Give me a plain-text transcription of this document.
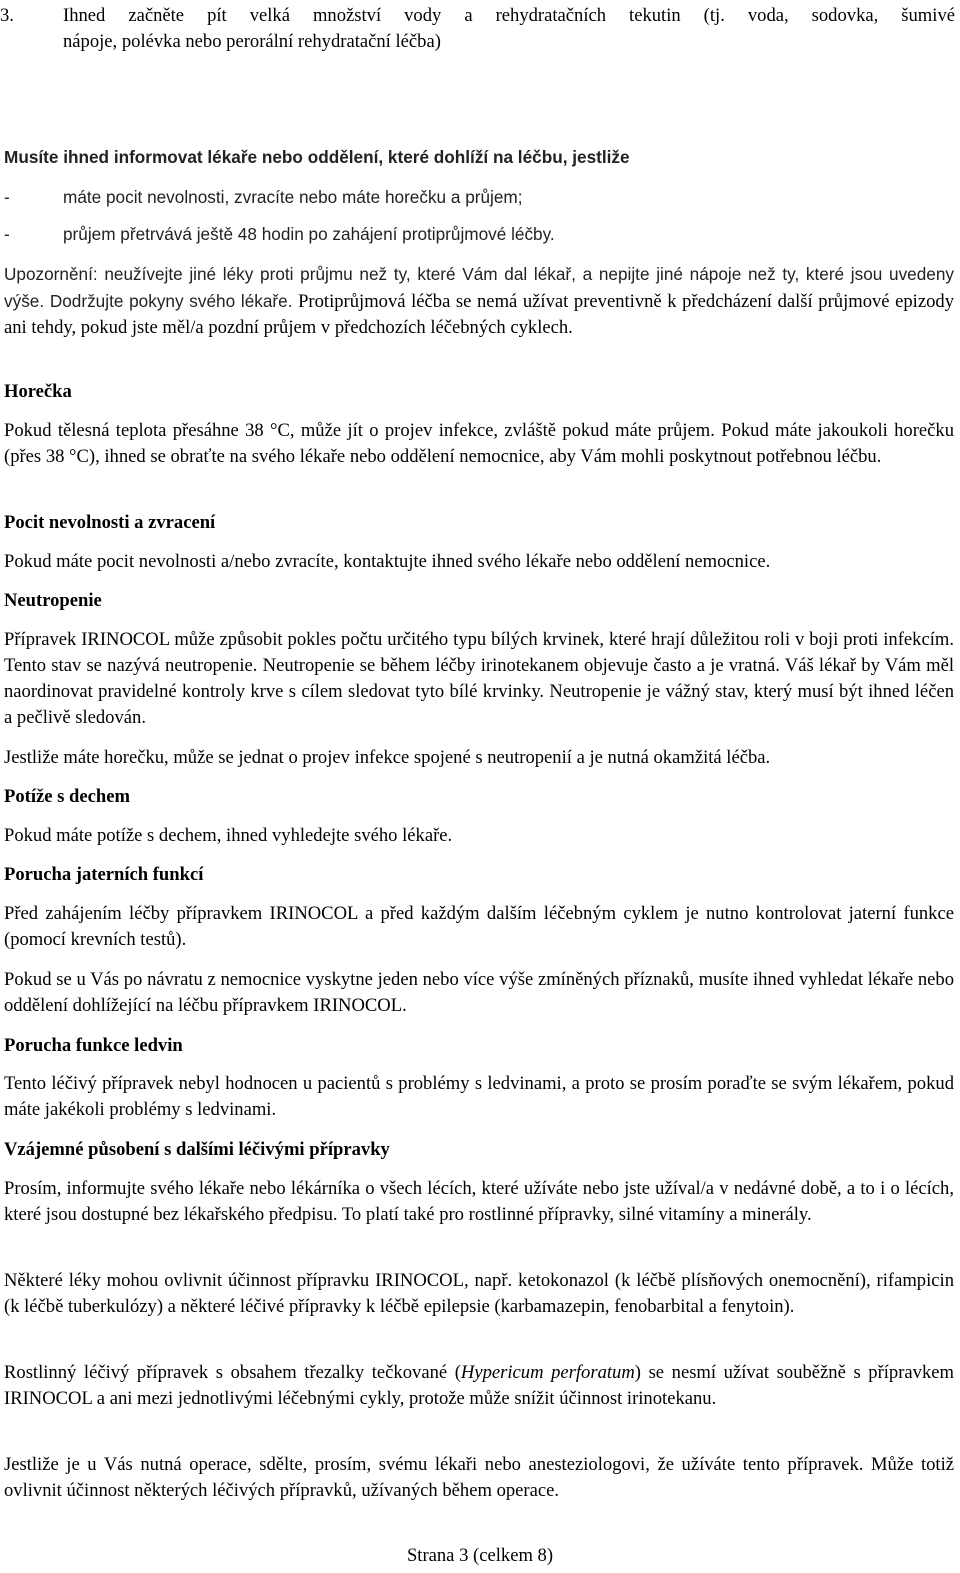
3.	Ihned začněte pít velká množství vody a rehydratačních tekutin (tj. voda, sodovka, šumivé
nápoje, polévka nebo perorální rehydratační léčba)

Musíte ihned informovat lékaře nebo oddělení, které dohlíží na léčbu, jestliže

-	máte pocit nevolnosti, zvracíte nebo máte horečku a průjem;
-	průjem přetrvává ještě 48 hodin po zahájení protiprůjmové léčby.

Upozornění: neužívejte jiné léky proti průjmu než ty, které Vám dal lékař, a nepijte jiné nápoje než ty, které jsou uvedeny výše. Dodržujte pokyny svého lékaře. Protiprůjmová léčba se nemá užívat preventivně k předcházení další průjmové epizody ani tehdy, pokud jste měl/a pozdní průjem v předchozích léčebných cyklech.

Horečka

Pokud tělesná teplota přesáhne 38 °C, může jít o projev infekce, zvláště pokud máte průjem. Pokud máte jakoukoli horečku (přes 38 °C), ihned se obraťte na svého lékaře nebo oddělení nemocnice, aby Vám mohli poskytnout potřebnou léčbu.

Pocit nevolnosti a zvracení

Pokud máte pocit nevolnosti a/nebo zvracíte, kontaktujte ihned svého lékaře nebo oddělení nemocnice.

Neutropenie

Přípravek IRINOCOL může způsobit pokles počtu určitého typu bílých krvinek, které hrají důležitou roli v boji proti infekcím. Tento stav se nazývá neutropenie. Neutropenie se během léčby irinotekanem objevuje často a je vratná. Váš lékař by Vám měl naordinovat pravidelné kontroly krve s cílem sledovat tyto bílé krvinky. Neutropenie je vážný stav, který musí být ihned léčen a pečlivě sledován.

Jestliže máte horečku, může se jednat o projev infekce spojené s neutropenií a je nutná okamžitá léčba.

Potíže s dechem

Pokud máte potíže s dechem, ihned vyhledejte svého lékaře.

Porucha jaterních funkcí

Před zahájením léčby přípravkem IRINOCOL a před každým dalším léčebným cyklem je nutno kontrolovat jaterní funkce (pomocí krevních testů).

Pokud se u Vás po návratu z nemocnice vyskytne jeden nebo více výše zmíněných příznaků, musíte ihned vyhledat lékaře nebo oddělení dohlížející na léčbu přípravkem IRINOCOL.

Porucha funkce ledvin

Tento léčivý přípravek nebyl hodnocen u pacientů s problémy s ledvinami, a proto se prosím poraďte se svým lékařem, pokud máte jakékoli problémy s ledvinami.

Vzájemné působení s dalšími léčivými přípravky

Prosím, informujte svého lékaře nebo lékárníka o všech lécích, které užíváte nebo jste užíval/a v nedávné době, a to i o lécích, které jsou dostupné bez lékařského předpisu. To platí také pro rostlinné přípravky, silné vitamíny a minerály.

Některé léky mohou ovlivnit účinnost přípravku IRINOCOL, např. ketokonazol (k léčbě plísňových onemocnění), rifampicin (k léčbě tuberkulózy) a některé léčivé přípravky k léčbě epilepsie (karbamazepin, fenobarbital a fenytoin).

Rostlinný léčivý přípravek s obsahem třezalky tečkované (Hypericum perforatum) se nesmí užívat souběžně s přípravkem IRINOCOL a ani mezi jednotlivými léčebnými cykly, protože může snížit účinnost irinotekanu.

Jestliže je u Vás nutná operace, sdělte, prosím, svému lékaři nebo anesteziologovi, že užíváte tento přípravek. Může totiž ovlivnit účinnost některých léčivých přípravků, užívaných během operace.

Strana 3 (celkem 8)
